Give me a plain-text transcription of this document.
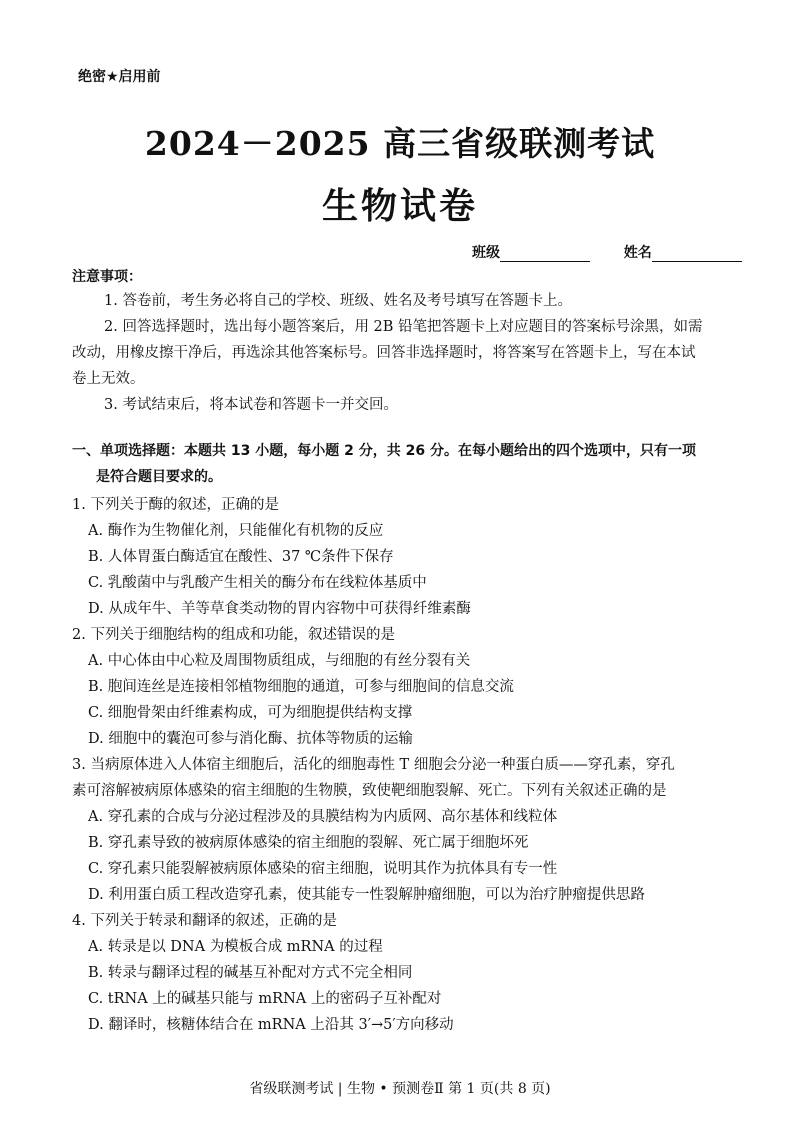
绝密★启用前
2024－2025 高三省级联测考试
生物试卷
班级	姓名
注意事项：
1. 答卷前，考生务必将自己的学校、班级、姓名及考号填写在答题卡上。
2. 回答选择题时，选出每小题答案后，用 2B 铅笔把答题卡上对应题目的答案标号涂黑，如需
改动，用橡皮擦干净后，再选涂其他答案标号。回答非选择题时，将答案写在答题卡上，写在本试
卷上无效。
3. 考试结束后，将本试卷和答题卡一并交回。
一、单项选择题：本题共 13 小题，每小题 2 分，共 26 分。在每小题给出的四个选项中，只有一项
是符合题目要求的。
1. 下列关于酶的叙述，正确的是
A. 酶作为生物催化剂，只能催化有机物的反应
B. 人体胃蛋白酶适宜在酸性、37 ℃条件下保存
C. 乳酸菌中与乳酸产生相关的酶分布在线粒体基质中
D. 从成年牛、羊等草食类动物的胃内容物中可获得纤维素酶
2. 下列关于细胞结构的组成和功能，叙述错误的是
A. 中心体由中心粒及周围物质组成，与细胞的有丝分裂有关
B. 胞间连丝是连接相邻植物细胞的通道，可参与细胞间的信息交流
C. 细胞骨架由纤维素构成，可为细胞提供结构支撑
D. 细胞中的囊泡可参与消化酶、抗体等物质的运输
3. 当病原体进入人体宿主细胞后，活化的细胞毒性 T 细胞会分泌一种蛋白质——穿孔素，穿孔
素可溶解被病原体感染的宿主细胞的生物膜，致使靶细胞裂解、死亡。下列有关叙述正确的是
A. 穿孔素的合成与分泌过程涉及的具膜结构为内质网、高尔基体和线粒体
B. 穿孔素导致的被病原体感染的宿主细胞的裂解、死亡属于细胞坏死
C. 穿孔素只能裂解被病原体感染的宿主细胞，说明其作为抗体具有专一性
D. 利用蛋白质工程改造穿孔素，使其能专一性裂解肿瘤细胞，可以为治疗肿瘤提供思路
4. 下列关于转录和翻译的叙述，正确的是
A. 转录是以 DNA 为模板合成 mRNA 的过程
B. 转录与翻译过程的碱基互补配对方式不完全相同
C. tRNA 上的碱基只能与 mRNA 上的密码子互补配对
D. 翻译时，核糖体结合在 mRNA 上沿其 3′→5′方向移动
省级联测考试 | 生物 • 预测卷Ⅱ 第 1 页(共 8 页)
